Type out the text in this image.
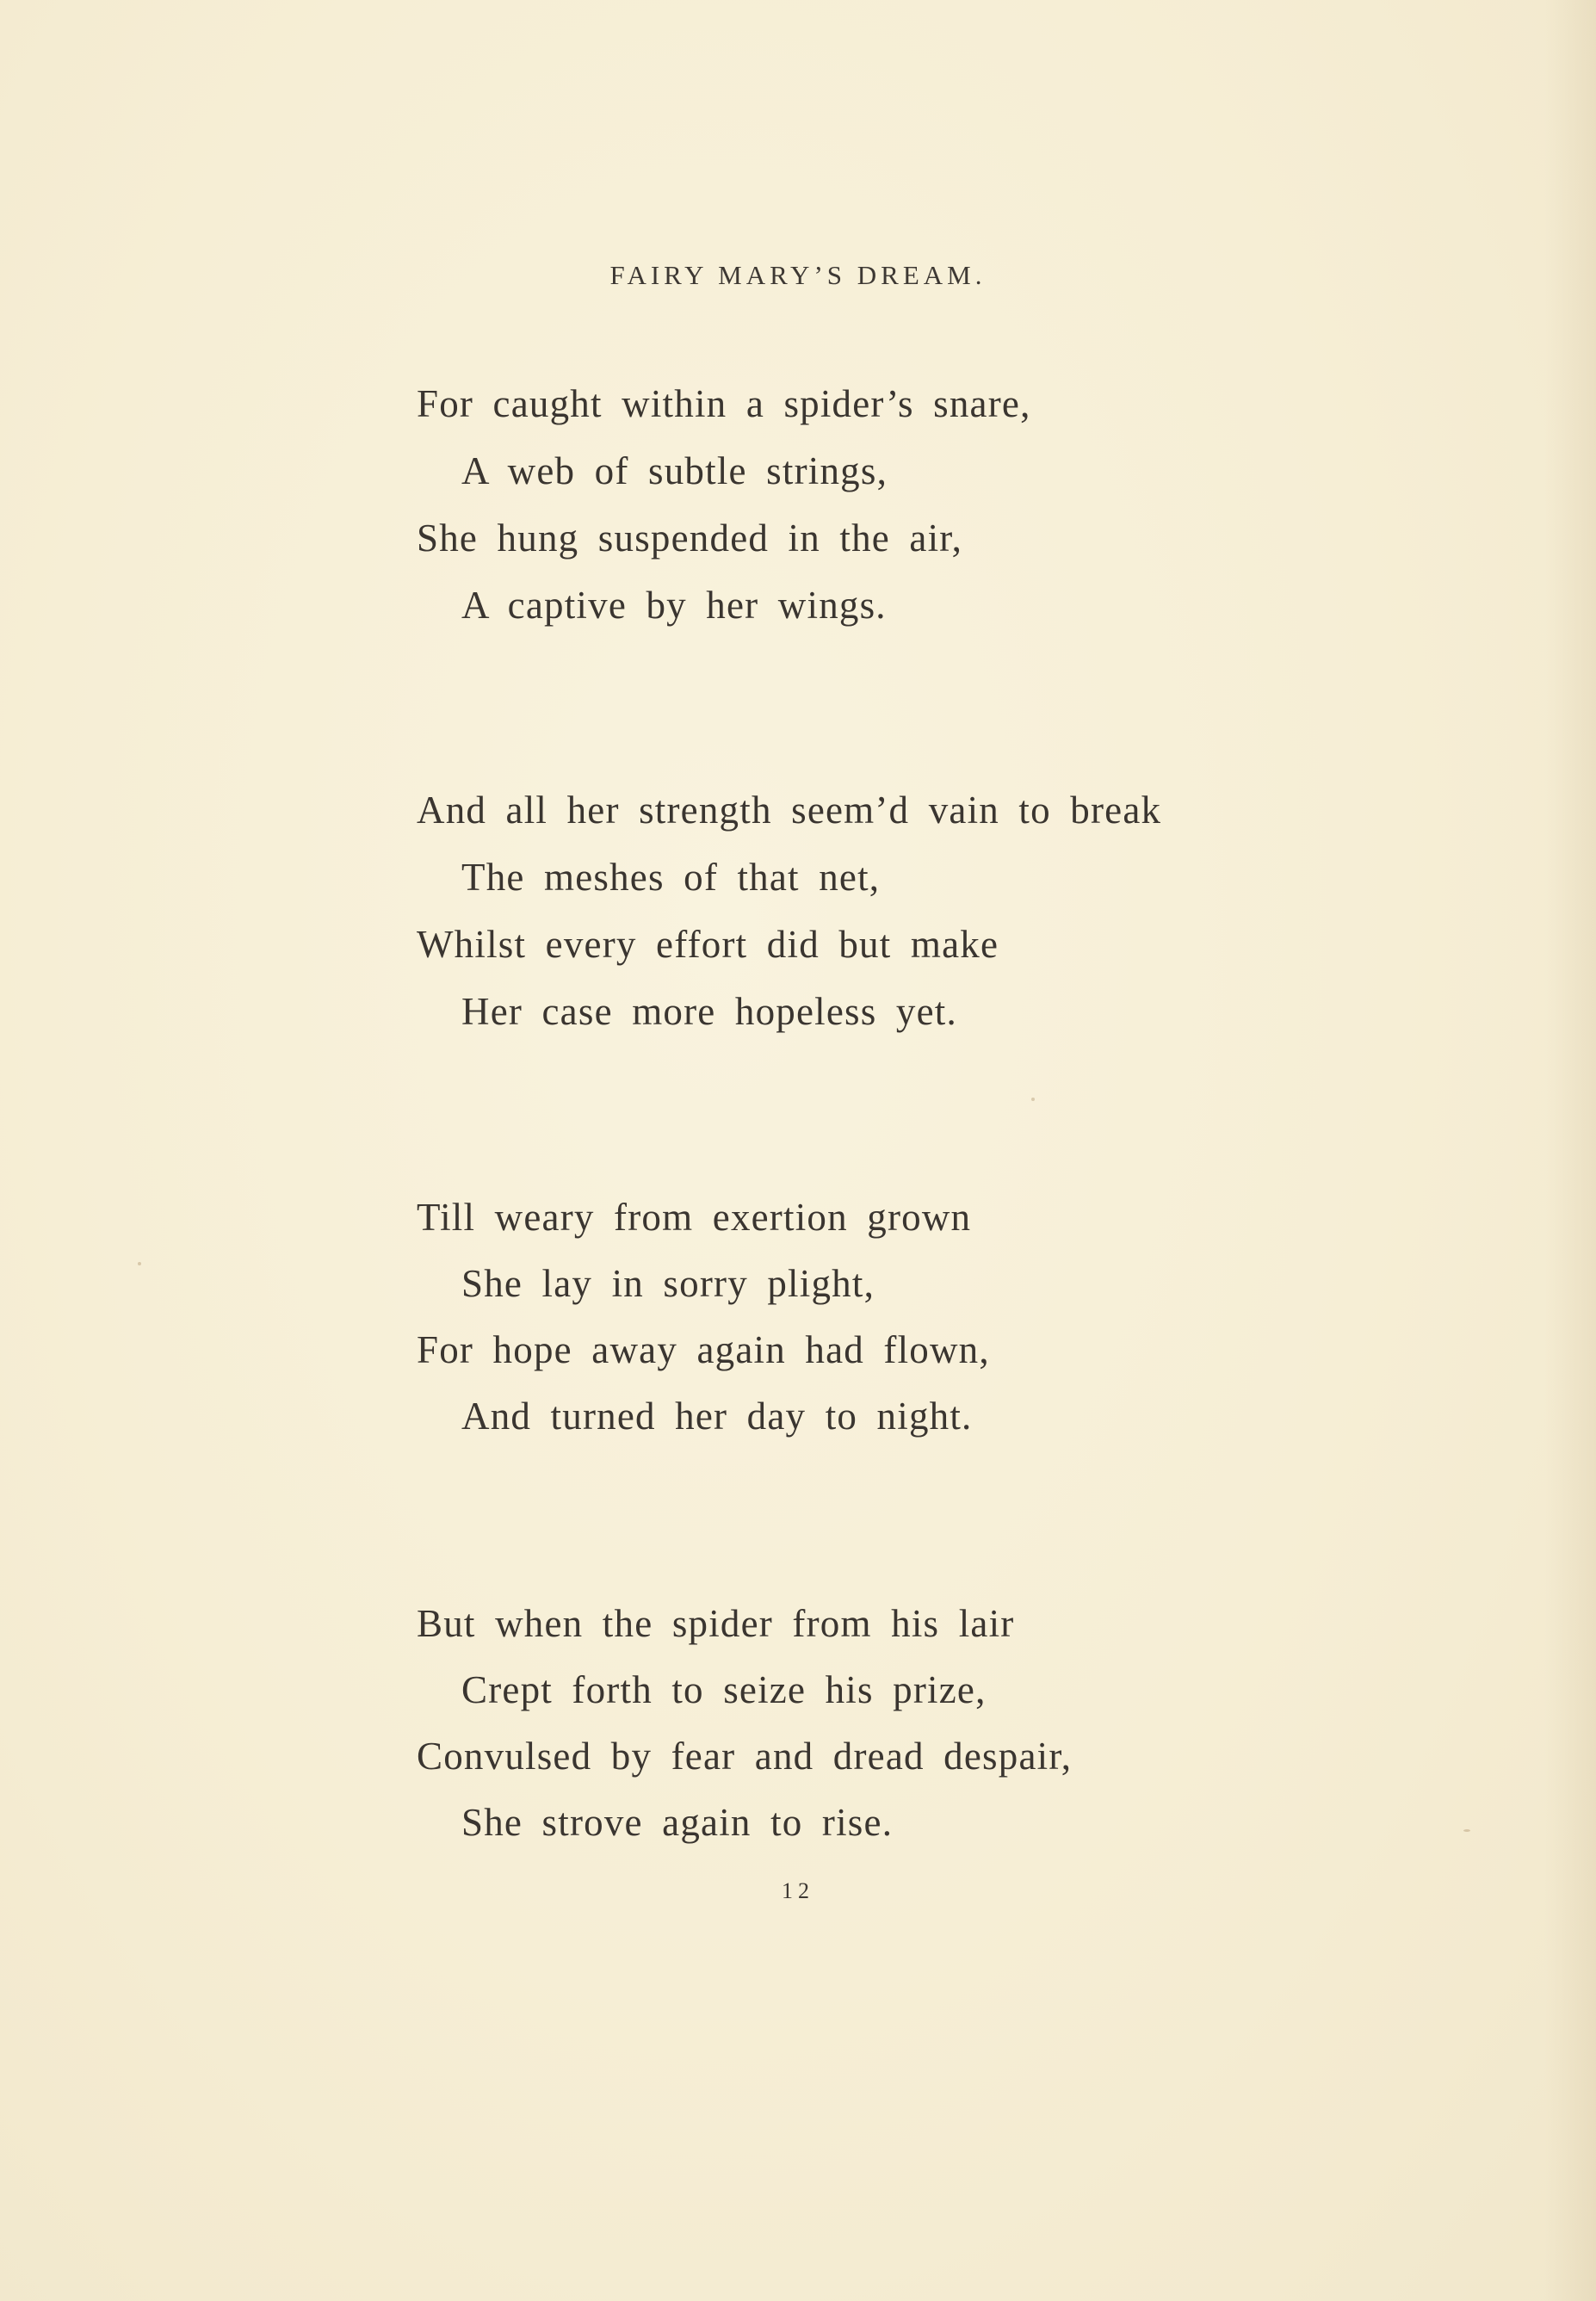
FAIRY MARY’S DREAM.
For caught within a spider’s snare,
A web of subtle strings,
She hung suspended in the air,
A captive by her wings.
And all her strength seem’d vain to break
The meshes of that net,
Whilst every effort did but make
Her case more hopeless yet.
Till weary from exertion grown
She lay in sorry plight,
For hope away again had flown,
And turned her day to night.
But when the spider from his lair
Crept forth to seize his prize,
Convulsed by fear and dread despair,
She strove again to rise.
12
